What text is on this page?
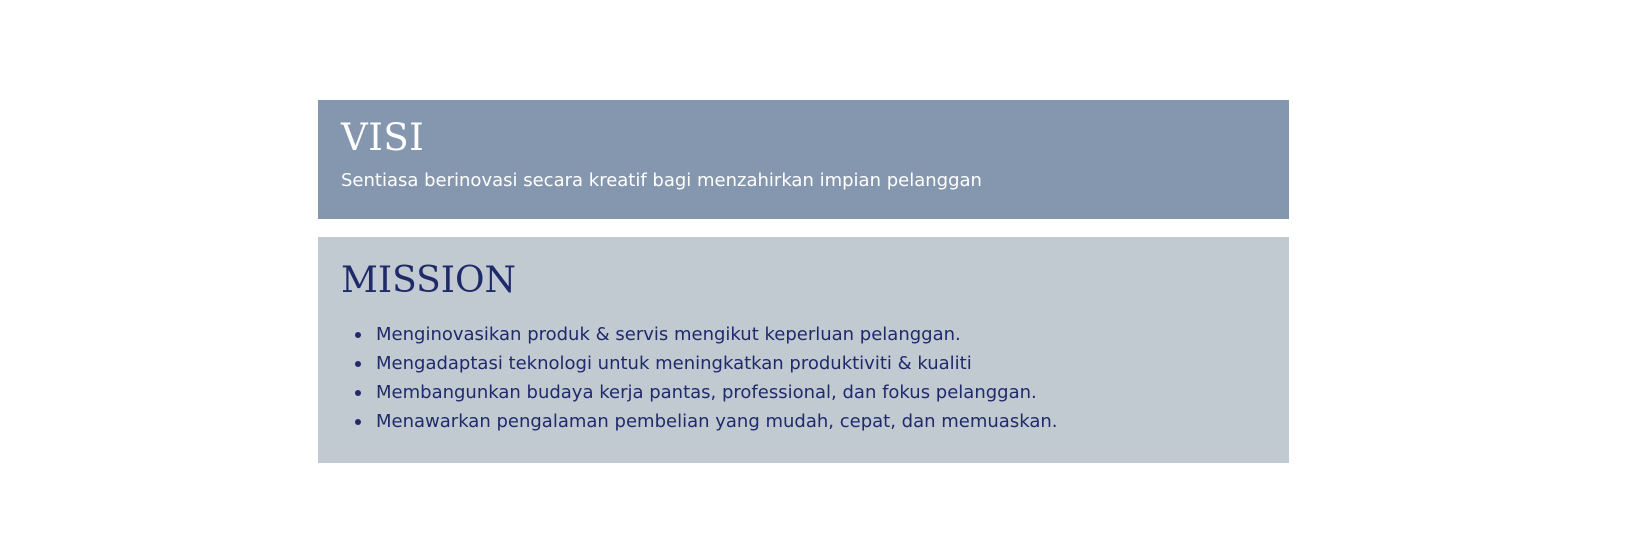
VISI

Sentiasa berinovasi secara kreatif bagi menzahirkan impian pelanggan

MISSION
Menginovasikan produk & servis mengikut keperluan pelanggan.
Mengadaptasi teknologi untuk meningkatkan produktiviti & kualiti
Membangunkan budaya kerja pantas, professional, dan fokus pelanggan.
Menawarkan pengalaman pembelian yang mudah, cepat, dan memuaskan.
